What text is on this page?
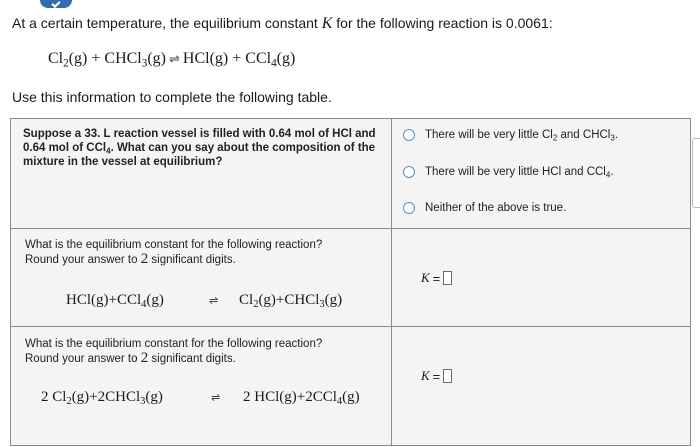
At a certain temperature, the equilibrium constant K for the following reaction is 0.0061:
$Cl_2(g)$ + CHCl$_3$(g) ⇌ HCl(g) + CCl$_4$(g)
Use this information to complete the following table.
Suppose a 33. L reaction vessel is filled with 0.64 mol of HCl and 0.64 mol of CCl$_4$. What can you say about the composition of the mixture in the vessel at equilibrium?
There will be very little $Cl_2$ and CHCl$_3$.
There will be very little HCl and CCl$_4$.
Neither of the above is true.
What is the equilibrium constant for the following reaction?
Round your answer to 2 significant digits.
HCl(g)+CCl$_4$(g)	⇌ $Cl_2(g)+CHCl_3(g)$
K =
What is the equilibrium constant for the following reaction?
Round your answer to 2 significant digits.
2 $Cl_2(g)+2CHCl_3(g)$	⇌ 2 HCl(g)+2CCl$_4$(g)
K =
